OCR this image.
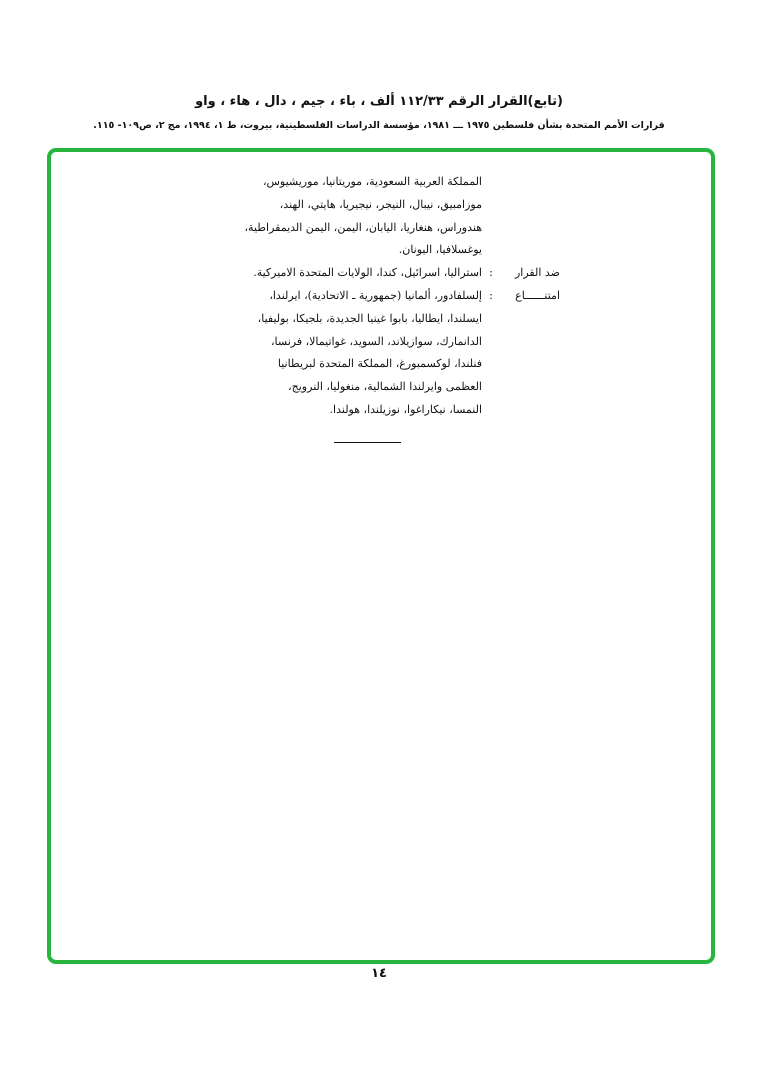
(تابع)القرار الرقم ١١٢/٣٣ ألف ، باء ، جيم ، دال ، هاء ، واو
قرارات الأمم المتحدة بشأن فلسطين ١٩٧٥ ـــ ١٩٨١، مؤسسة الدراسات الفلسطينية، بيروت، ط ١، ١٩٩٤، مج ٢، ص١٠٩- ١١٥.
المملكة العربية السعودية، موريتانيا، موريشيوس،
موزامبيق، نيبال، النيجر، نيجيريا، هايتي، الهند،
هندوراس، هنغاريا، اليابان، اليمن، اليمن الديمقراطية،
يوغسلافيا، اليونان.
ضد القرار
:
استراليا، اسرائيل، كندا، الولايات المتحدة الاميركية.
امتنــــــاع
:
إلسلفادور، ألمانيا (جمهورية ـ الاتحادية)، ايرلندا،
ايسلندا، ايطاليا، بابوا غينيا الجديدة، بلجيكا، بوليفيا،
الدانمارك، سوازيلاند، السويد، غواتيمالا، فرنسا،
فنلندا، لوكسمبورغ، المملكة المتحدة لبريطانيا
العظمى وايرلندا الشمالية، منغوليا، النرويج،
النمسا، نيكاراغوا، نوزيلندا، هولندا.
١٤
